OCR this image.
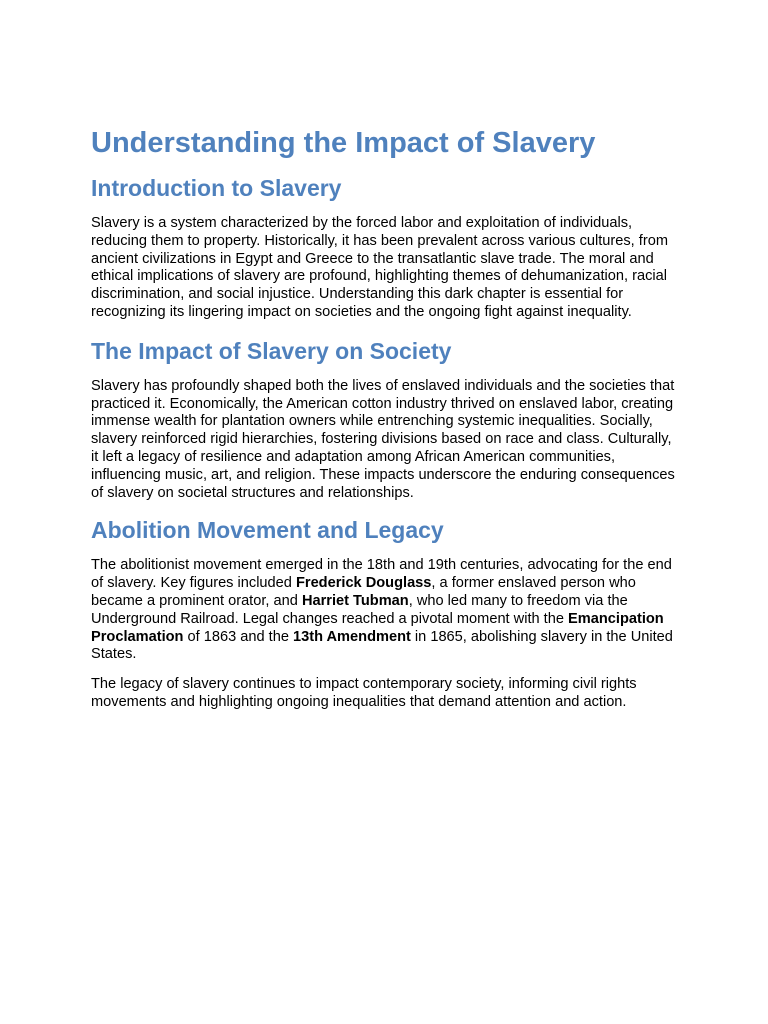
Understanding the Impact of Slavery
Introduction to Slavery

Slavery is a system characterized by the forced labor and exploitation of individuals, reducing them to property. Historically, it has been prevalent across various cultures, from ancient civilizations in Egypt and Greece to the transatlantic slave trade. The moral and ethical implications of slavery are profound, highlighting themes of dehumanization, racial discrimination, and social injustice. Understanding this dark chapter is essential for recognizing its lingering impact on societies and the ongoing fight against inequality.

The Impact of Slavery on Society

Slavery has profoundly shaped both the lives of enslaved individuals and the societies that practiced it. Economically, the American cotton industry thrived on enslaved labor, creating immense wealth for plantation owners while entrenching systemic inequalities. Socially, slavery reinforced rigid hierarchies, fostering divisions based on race and class. Culturally, it left a legacy of resilience and adaptation among African American communities, influencing music, art, and religion. These impacts underscore the enduring consequences of slavery on societal structures and relationships.

Abolition Movement and Legacy

The abolitionist movement emerged in the 18th and 19th centuries, advocating for the end of slavery. Key figures included Frederick Douglass, a former enslaved person who became a prominent orator, and Harriet Tubman, who led many to freedom via the Underground Railroad. Legal changes reached a pivotal moment with the Emancipation Proclamation of 1863 and the 13th Amendment in 1865, abolishing slavery in the United States.

The legacy of slavery continues to impact contemporary society, informing civil rights movements and highlighting ongoing inequalities that demand attention and action.
